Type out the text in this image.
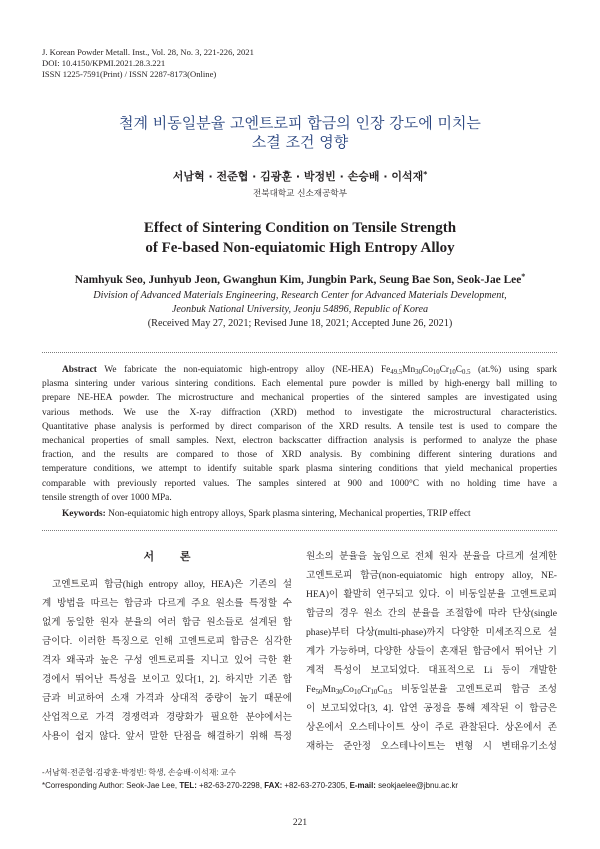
J. Korean Powder Metall. Inst., Vol. 28, No. 3, 221-226, 2021
DOI: 10.4150/KPMI.2021.28.3.221
ISSN 1225-7591(Print) / ISSN 2287-8173(Online)
철계 비동일분율 고엔트로피 합금의 인장 강도에 미치는
소결 조건 영향
서남혁 · 전준협 · 김광훈 · 박정빈 · 손승배 · 이석재*
전북대학교 신소재공학부
Effect of Sintering Condition on Tensile Strength
of Fe-based Non-equiatomic High Entropy Alloy
Namhyuk Seo, Junhyub Jeon, Gwanghun Kim, Jungbin Park, Seung Bae Son, Seok-Jae Lee*
Division of Advanced Materials Engineering, Research Center for Advanced Materials Development,
Jeonbuk National University, Jeonju 54896, Republic of Korea
(Received May 27, 2021; Revised June 18, 2021; Accepted June 26, 2021)
Abstract We fabricate the non-equiatomic high-entropy alloy (NE-HEA) $Fe_{49.5}Mn_{30}Co_{10}Cr_{10}C_{0.5}$ (at.%) using spark
plasma sintering under various sintering conditions. Each elemental pure powder is milled by high-energy ball milling to
prepare NE-HEA powder. The microstructure and mechanical properties of the sintered samples are investigated using
various methods. We use the X-ray diffraction (XRD) method to investigate the microstructural characteristics.
Quantitative phase analysis is performed by direct comparison of the XRD results. A tensile test is used to compare the
mechanical properties of small samples. Next, electron backscatter diffraction analysis is performed to analyze the phase
fraction, and the results are compared to those of XRD analysis. By combining different sintering durations and
temperature conditions, we attempt to identify suitable spark plasma sintering conditions that yield mechanical properties
comparable with previously reported values. The samples sintered at 900 and 1000°C with no holding time have a
tensile strength of over 1000 MPa.
Keywords: Non-equiatomic high entropy alloys, Spark plasma sintering, Mechanical properties, TRIP effect
서 론
고엔트로피 합금(high entropy alloy, HEA)은 기존의 설
계 방법을 따르는 합금과 다르게 주요 원소를 특정할 수
없게 동일한 원자 분율의 여러 합금 원소들로 설계된 합
금이다. 이러한 특징으로 인해 고엔트로피 합금은 심각한
격자 왜곡과 높은 구성 엔트로피를 지니고 있어 극한 환
경에서 뛰어난 특성을 보이고 있다[1, 2]. 하지만 기존 합
금과 비교하여 소재 가격과 상대적 중량이 높기 때문에
산업적으로 가격 경쟁력과 경량화가 필요한 분야에서는
사용이 쉽지 않다. 앞서 말한 단점을 해결하기 위해 특정
원소의 분율을 높임으로 전체 원자 분율을 다르게 설계한
고엔트로피 합금(non-equiatomic high entropy alloy, NE-
HEA)이 활발히 연구되고 있다. 이 비동일분율 고엔트로피
합금의 경우 원소 간의 분율을 조절함에 따라 단상(single
phase)부터 다상(multi-phase)까지 다양한 미세조직으로 설
계가 가능하며, 다양한 상들이 혼재된 합금에서 뛰어난 기
계적 특성이 보고되었다. 대표적으로 Li 등이 개발한
$Fe_{50}Mn_{30}Co_{10}Cr_{10}C_{0.5}$ 비동일분율 고엔트로피 합금 조성
이 보고되었다[3, 4]. 압연 공정을 통해 제작된 이 합금은
상온에서 오스테나이트 상이 주로 관찰된다. 상온에서 존
재하는 준안정 오스테나이트는 변형 시 변태유기소성
-서남혁·전준협·김광훈·박정빈: 학생, 손승배·이석재: 교수
*Corresponding Author: Seok-Jae Lee, TEL: +82-63-270-2298, FAX: +82-63-270-2305, E-mail: seokjaelee@jbnu.ac.kr
221
